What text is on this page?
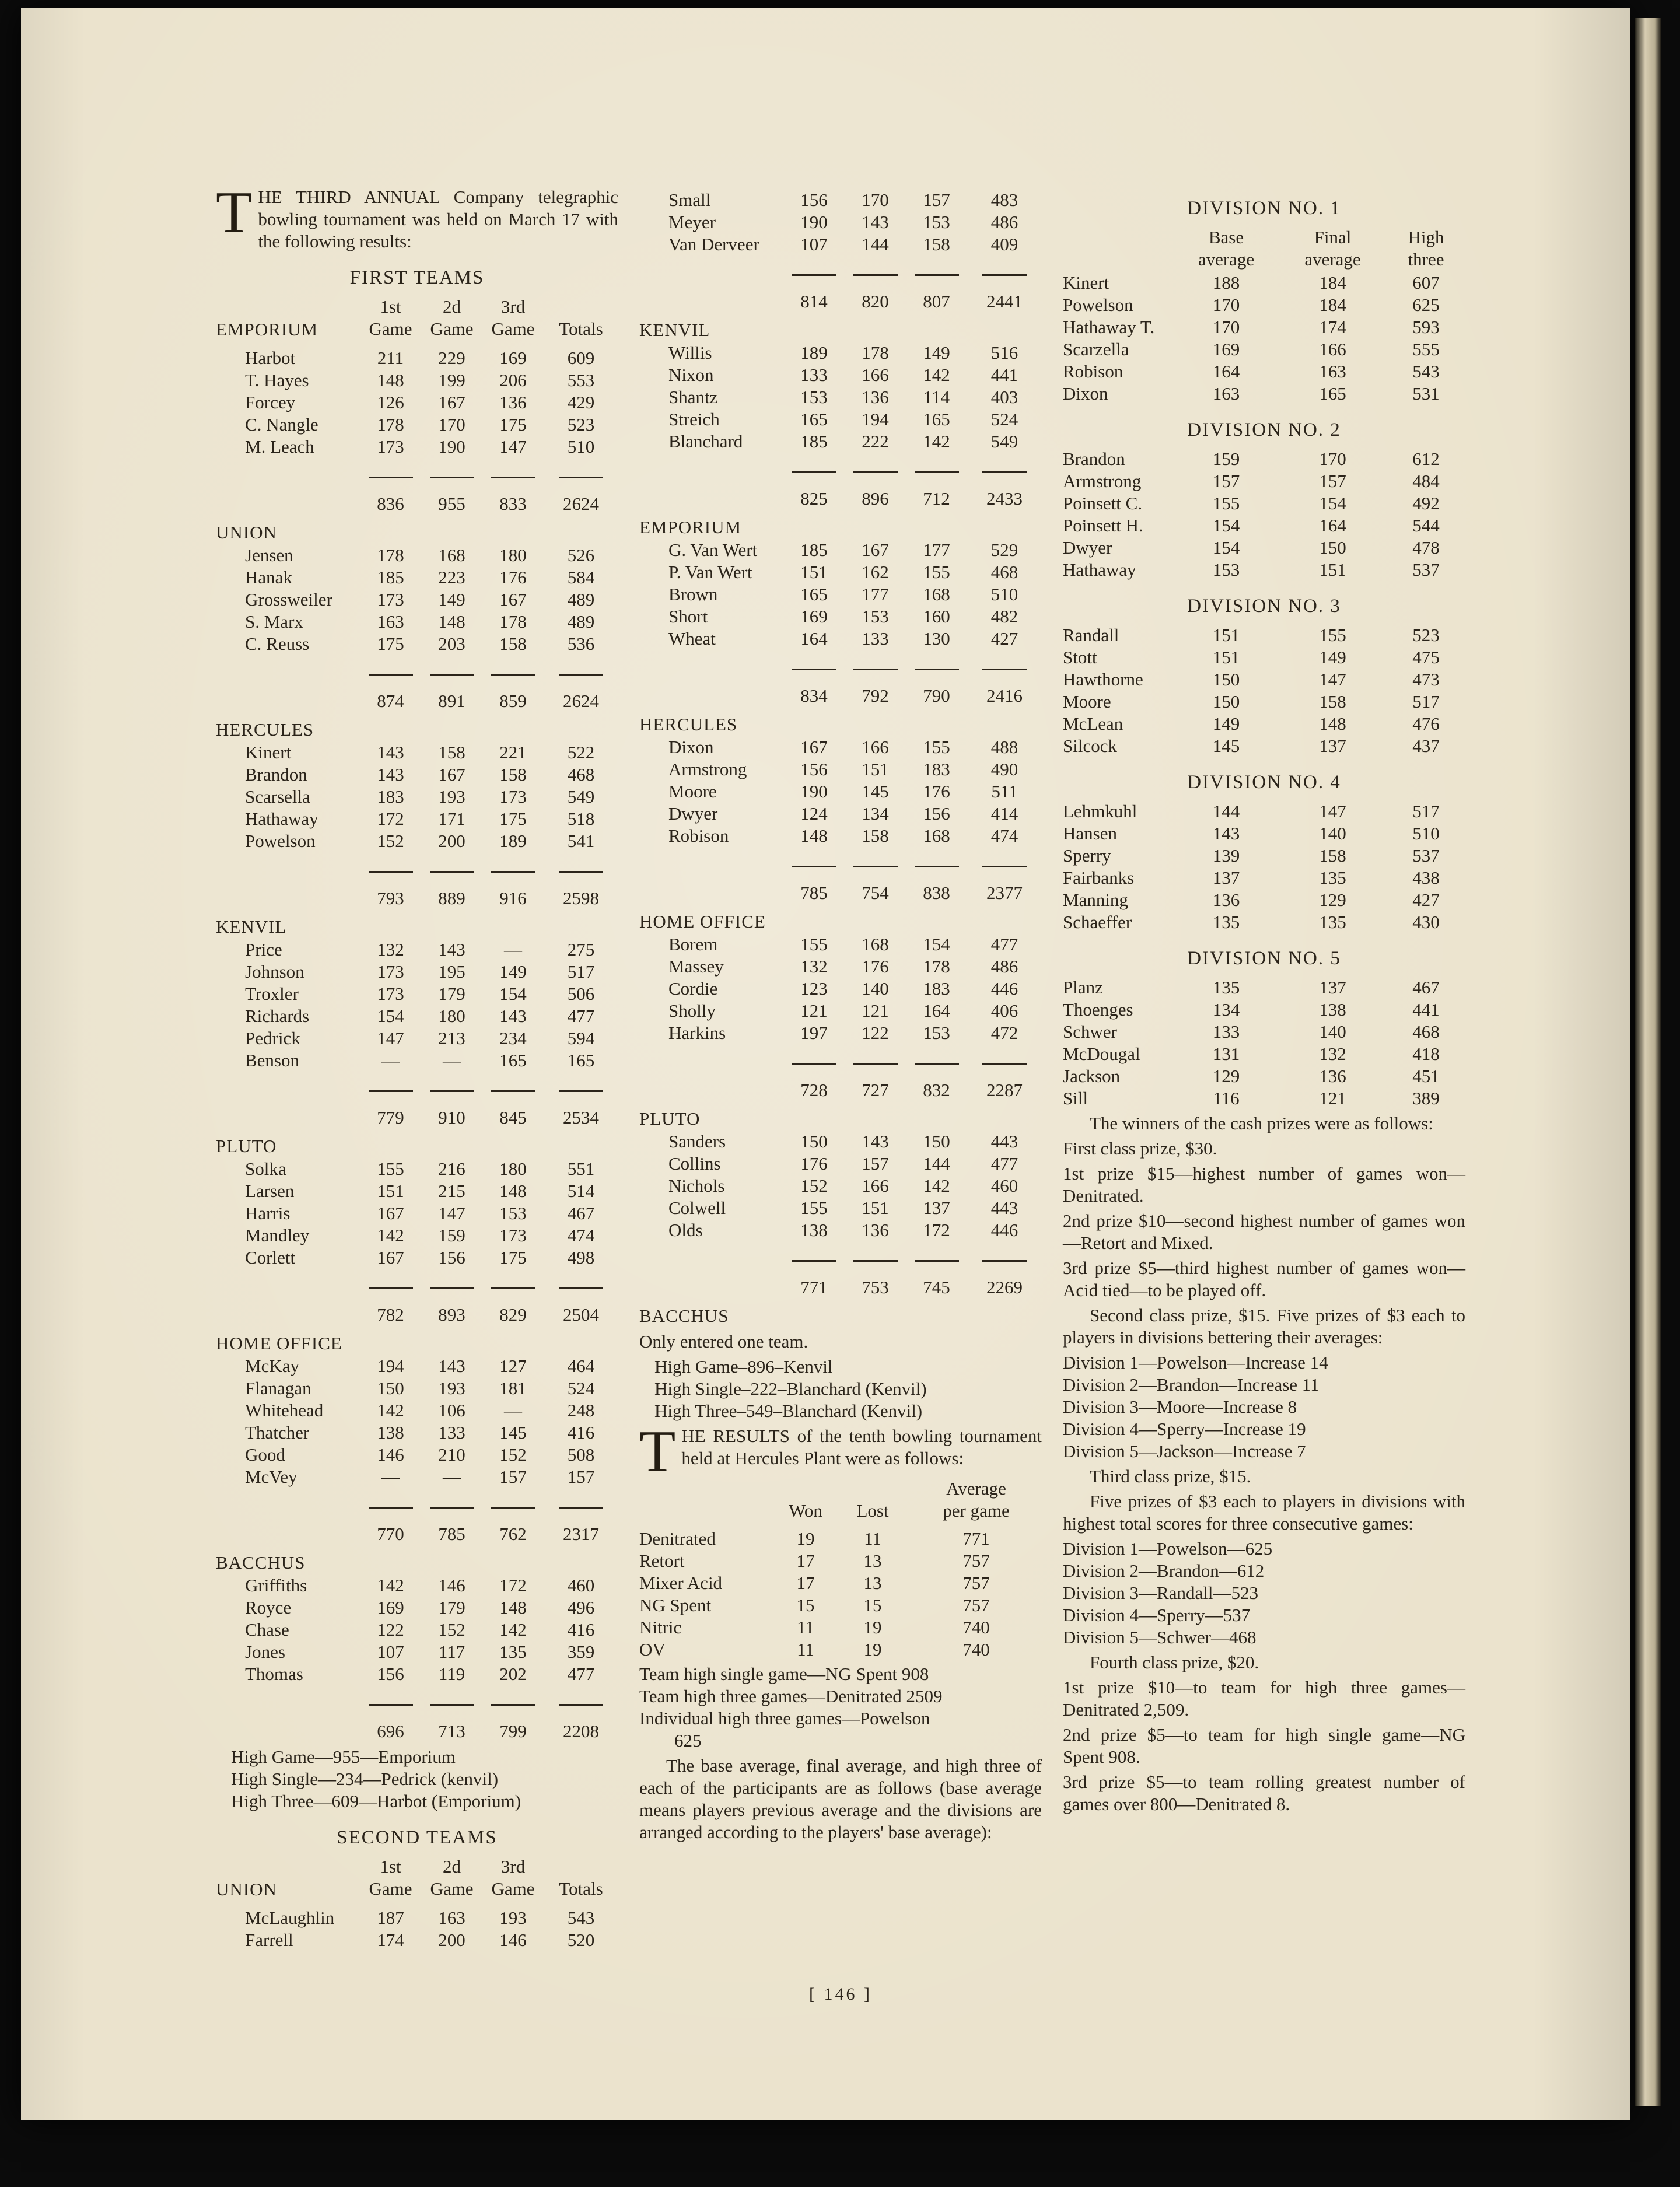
THE THIRD ANNUAL Company telegraphic bowling tournament was held on March 17 with the following results:
FIRST TEAMS
1st	2d	3rd
EMPORIUM	Game Game Game	Totals
Harbot	211	229	169	609
T. Hayes	148	199	206	553
Forcey	126	167	136	429
C. Nangle	178	170	175	523
M. Leach	173	190	147	510
836	955	833	2624
UNION
Jensen	178	168	180	526
Hanak	185	223	176	584
Grossweiler	173	149	167	489
S. Marx	163	148	178	489
C. Reuss	175	203	158	536
874	891	859	2624
HERCULES
Kinert	143	158	221	522
Brandon	143	167	158	468
Scarsella	183	193	173	549
Hathaway	172	171	175	518
Powelson	152	200	189	541
793	889	916	2598
KENVIL
Price	132	143	—	275
Johnson	173	195	149	517
Troxler	173	179	154	506
Richards	154	180	143	477
Pedrick	147	213	234	594
Benson	—	—	165	165
779	910	845	2534
PLUTO
Solka	155	216	180	551
Larsen	151	215	148	514
Harris	167	147	153	467
Mandley	142	159	173	474
Corlett	167	156	175	498
782	893	829	2504
HOME OFFICE
McKay	194	143	127	464
Flanagan	150	193	181	524
Whitehead	142	106	—	248
Thatcher	138	133	145	416
Good	146	210	152	508
McVey	—	—	157	157
770	785	762	2317
BACCHUS
Griffiths	142	146	172	460
Royce	169	179	148	496
Chase	122	152	142	416
Jones	107	117	135	359
Thomas	156	119	202	477
696	713	799	2208
High Game—955—Emporium
High Single—234—Pedrick (kenvil)
High Three—609—Harbot (Emporium)
SECOND TEAMS
1st	2d	3rd
UNION	Game Game Game	Totals
McLaughlin	187	163	193	543
Farrell	174	200	146	520
Small	156	170	157	483
Meyer	190	143	153	486
Van Derveer	107	144	158	409
814	820	807	2441
KENVIL
Willis	189	178	149	516
Nixon	133	166	142	441
Shantz	153	136	114	403
Streich	165	194	165	524
Blanchard	185	222	142	549
825	896	712	2433
EMPORIUM
G. Van Wert	185	167	177	529
P. Van Wert	151	162	155	468
Brown	165	177	168	510
Short	169	153	160	482
Wheat	164	133	130	427
834	792	790	2416
HERCULES
Dixon	167	166	155	488
Armstrong	156	151	183	490
Moore	190	145	176	511
Dwyer	124	134	156	414
Robison	148	158	168	474
785	754	838	2377
HOME OFFICE
Borem	155	168	154	477
Massey	132	176	178	486
Cordie	123	140	183	446
Sholly	121	121	164	406
Harkins	197	122	153	472
728	727	832	2287
PLUTO
Sanders	150	143	150	443
Collins	176	157	144	477
Nichols	152	166	142	460
Colwell	155	151	137	443
Olds	138	136	172	446
771	753	745	2269
BACCHUS
Only entered one team.
High Game–896–Kenvil
High Single–222–Blanchard (Kenvil)
High Three–549–Blanchard (Kenvil)
THE RESULTS of the tenth bowling tournament held at Hercules Plant were as follows:
Average
Won	Lost	per game
Denitrated	19	11	771
Retort	17	13	757
Mixer Acid	17	13	757
NG Spent	15	15	757
Nitric	11	19	740
OV	11	19	740
Team high single game—NG Spent 908
Team high three games—Denitrated 2509
Individual high three games—Powelson
625
The base average, final average, and high three of each of the participants are as follows (base average means players previous average and the divisions are arranged according to the players' base average):
DIVISION NO. 1
Base	Final	High
average	average	three
Kinert	188	184	607
Powelson	170	184	625
Hathaway T.	170	174	593
Scarzella	169	166	555
Robison	164	163	543
Dixon	163	165	531
DIVISION NO. 2
Brandon	159	170	612
Armstrong	157	157	484
Poinsett C.	155	154	492
Poinsett H.	154	164	544
Dwyer	154	150	478
Hathaway	153	151	537
DIVISION NO. 3
Randall	151	155	523
Stott	151	149	475
Hawthorne	150	147	473
Moore	150	158	517
McLean	149	148	476
Silcock	145	137	437
DIVISION NO. 4
Lehmkuhl	144	147	517
Hansen	143	140	510
Sperry	139	158	537
Fairbanks	137	135	438
Manning	136	129	427
Schaeffer	135	135	430
DIVISION NO. 5
Planz	135	137	467
Thoenges	134	138	441
Schwer	133	140	468
McDougal	131	132	418
Jackson	129	136	451
Sill	116	121	389
The winners of the cash prizes were as follows:
First class prize, $30.
1st prize $15—highest number of games won—Denitrated.
2nd prize $10—second highest number of games won—Retort and Mixed.
3rd prize $5—third highest number of games won—Acid tied—to be played off.
Second class prize, $15. Five prizes of $3 each to players in divisions bettering their averages:
Division 1—Powelson—Increase 14
Division 2—Brandon—Increase 11
Division 3—Moore—Increase 8
Division 4—Sperry—Increase 19
Division 5—Jackson—Increase 7
Third class prize, $15.
Five prizes of $3 each to players in divisions with highest total scores for three consecutive games:
Division 1—Powelson—625
Division 2—Brandon—612
Division 3—Randall—523
Division 4—Sperry—537
Division 5—Schwer—468
Fourth class prize, $20.
1st prize $10—to team for high three games—Denitrated 2,509.
2nd prize $5—to team for high single game—NG Spent 908.
3rd prize $5—to team rolling greatest number of games over 800—Denitrated 8.
[ 146 ]
